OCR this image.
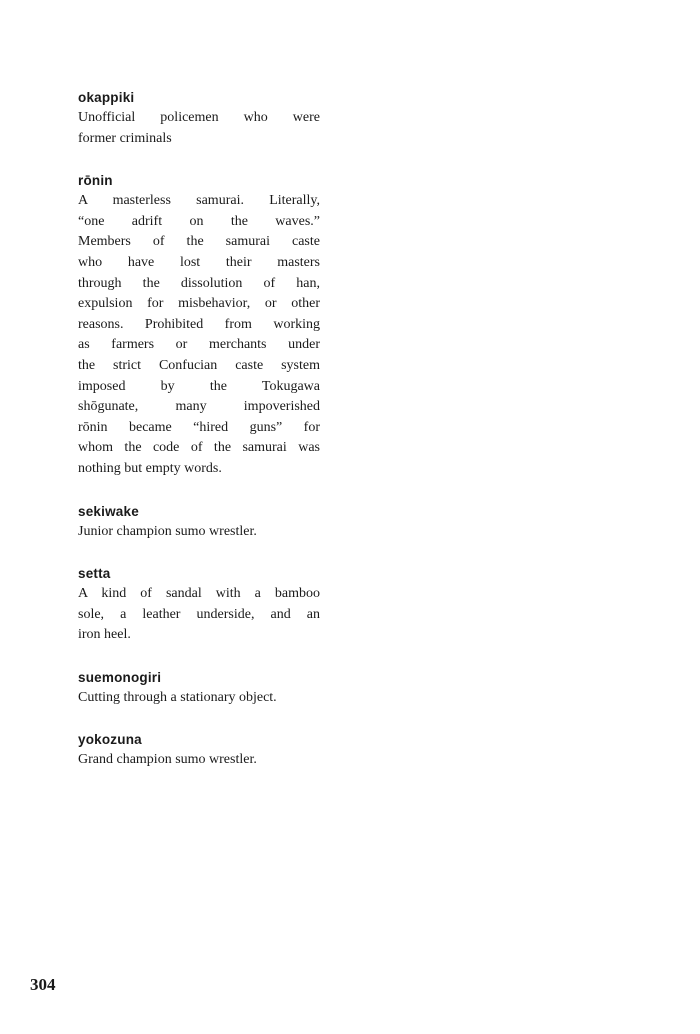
okappiki
Unofficial policemen who were
former criminals
rōnin
A masterless samurai. Literally,
“one adrift on the waves.”
Members of the samurai caste
who have lost their masters
through the dissolution of han,
expulsion for misbehavior, or other
reasons. Prohibited from working
as farmers or merchants under
the strict Confucian caste system
imposed by the Tokugawa
shōgunate, many impoverished
rōnin became “hired guns” for
whom the code of the samurai was
nothing but empty words.
sekiwake
Junior champion sumo wrestler.
setta
A kind of sandal with a bamboo
sole, a leather underside, and an
iron heel.
suemonogiri
Cutting through a stationary object.
yokozuna
Grand champion sumo wrestler.
304
